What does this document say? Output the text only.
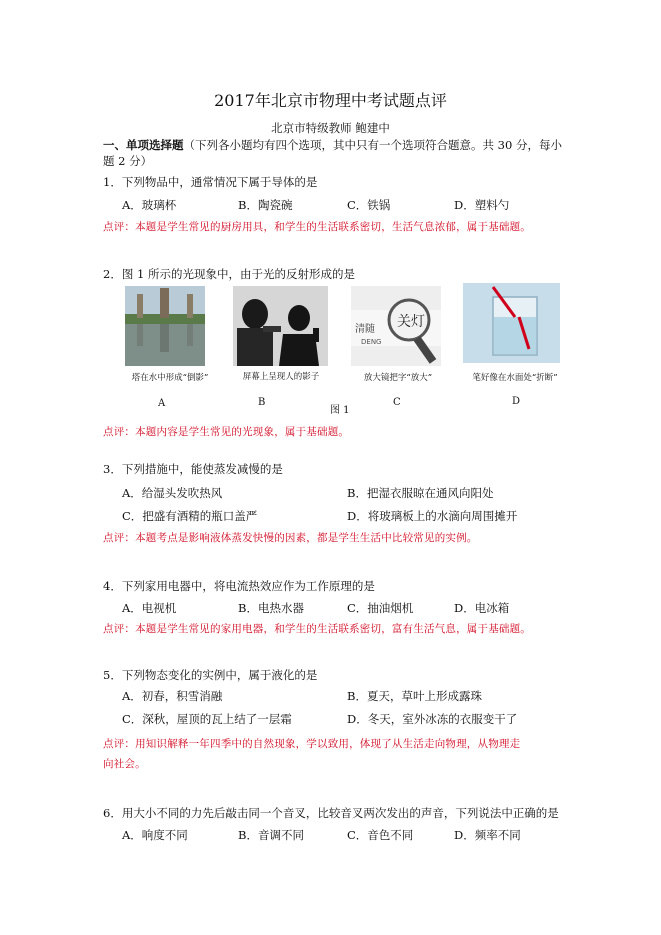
2017年北京市物理中考试题点评
北京市特级教师 鲍建中
一、单项选择题（下列各小题均有四个选项，其中只有一个选项符合题意。共 30 分，每小
题 2 分）
1．下列物品中，通常情况下属于导体的是
A．玻璃杯	B．陶瓷碗	C．铁锅	D．塑料勺
点评：本题是学生常见的厨房用具，和学生的生活联系密切，生活气息浓郁，属于基础题。
2．图 1 所示的光现象中，由于光的反射形成的是
清随 关灯
DENG
塔在水中形成“倒影”	屏幕上呈现人的影子	放大镜把字“放大”	笔好像在水面处“折断”
A	B	C	D
图 1
点评：本题内容是学生常见的光现象，属于基础题。
3．下列措施中，能使蒸发减慢的是
A．给湿头发吹热风	B．把湿衣服晾在通风向阳处
C．把盛有酒精的瓶口盖严	D．将玻璃板上的水滴向周围摊开
点评：本题考点是影响液体蒸发快慢的因素，都是学生生活中比较常见的实例。
4．下列家用电器中，将电流热效应作为工作原理的是
A．电视机	B．电热水器	C．抽油烟机	D．电冰箱
点评：本题是学生常见的家用电器，和学生的生活联系密切，富有生活气息，属于基础题。
5．下列物态变化的实例中，属于液化的是
A．初春，积雪消融	B．夏天，草叶上形成露珠
C．深秋，屋顶的瓦上结了一层霜	D．冬天，室外冰冻的衣服变干了
点评：用知识解释一年四季中的自然现象，学以致用，体现了从生活走向物理，从物理走
向社会。
6．用大小不同的力先后敲击同一个音叉，比较音叉两次发出的声音，下列说法中正确的是
A．响度不同	B．音调不同	C．音色不同	D．频率不同
